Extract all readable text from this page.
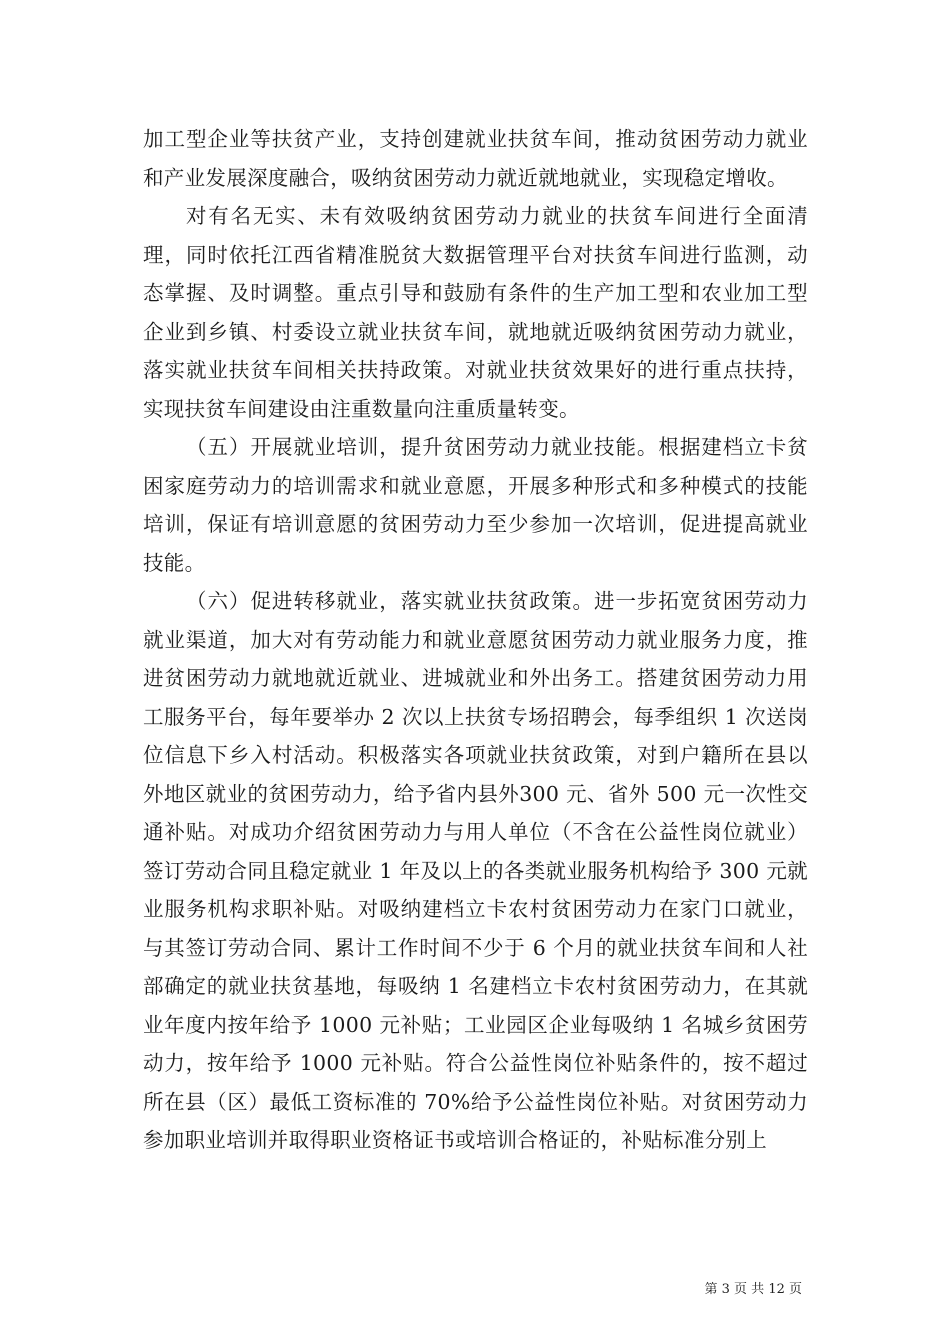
加工型企业等扶贫产业，支持创建就业扶贫车间，推动贫困劳动力就业和产业发展深度融合，吸纳贫困劳动力就近就地就业，实现稳定增收。

对有名无实、未有效吸纳贫困劳动力就业的扶贫车间进行全面清理，同时依托江西省精准脱贫大数据管理平台对扶贫车间进行监测，动态掌握、及时调整。重点引导和鼓励有条件的生产加工型和农业加工型企业到乡镇、村委设立就业扶贫车间，就地就近吸纳贫困劳动力就业，落实就业扶贫车间相关扶持政策。对就业扶贫效果好的进行重点扶持，实现扶贫车间建设由注重数量向注重质量转变。

（五）开展就业培训，提升贫困劳动力就业技能。根据建档立卡贫困家庭劳动力的培训需求和就业意愿，开展多种形式和多种模式的技能培训，保证有培训意愿的贫困劳动力至少参加一次培训，促进提高就业技能。

（六）促进转移就业，落实就业扶贫政策。进一步拓宽贫困劳动力就业渠道，加大对有劳动能力和就业意愿贫困劳动力就业服务力度，推进贫困劳动力就地就近就业、进城就业和外出务工。搭建贫困劳动力用工服务平台，每年要举办 2 次以上扶贫专场招聘会，每季组织 1 次送岗位信息下乡入村活动。积极落实各项就业扶贫政策，对到户籍所在县以外地区就业的贫困劳动力，给予省内县外300 元、省外 500 元一次性交通补贴。对成功介绍贫困劳动力与用人单位（不含在公益性岗位就业）签订劳动合同且稳定就业 1 年及以上的各类就业服务机构给予 300 元就业服务机构求职补贴。对吸纳建档立卡农村贫困劳动力在家门口就业，与其签订劳动合同、累计工作时间不少于 6 个月的就业扶贫车间和人社部确定的就业扶贫基地，每吸纳 1 名建档立卡农村贫困劳动力，在其就业年度内按年给予 1000 元补贴；工业园区企业每吸纳 1 名城乡贫困劳动力，按年给予 1000 元补贴。符合公益性岗位补贴条件的，按不超过所在县（区）最低工资标准的 70%给予公益性岗位补贴。对贫困劳动力参加职业培训并取得职业资格证书或培训合格证的，补贴标准分别上

第 3 页 共 12 页
